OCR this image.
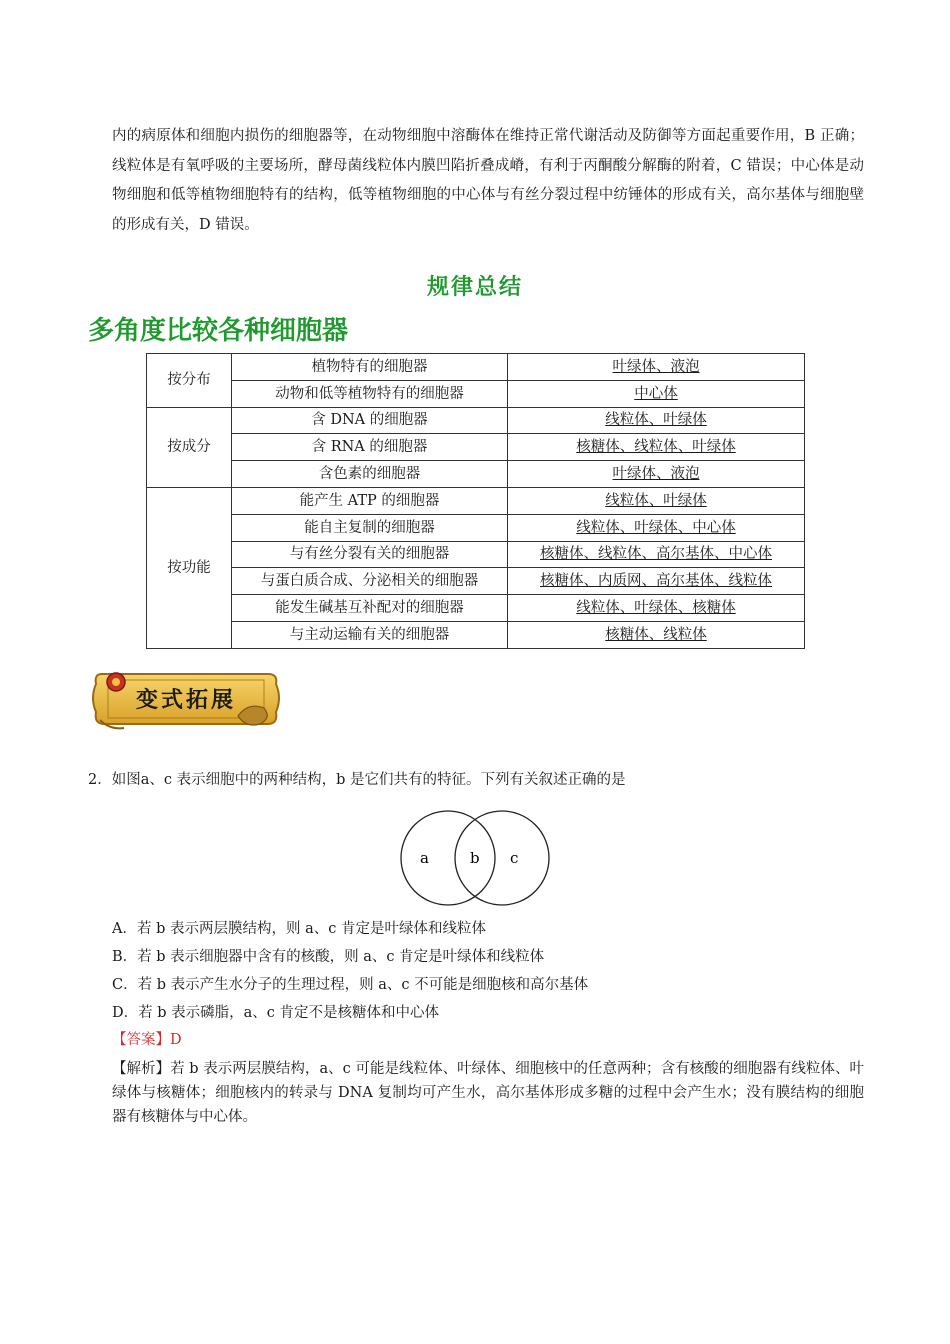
内的病原体和细胞内损伤的细胞器等，在动物细胞中溶酶体在维持正常代谢活动及防御等方面起重要作用，B 正确；线粒体是有氧呼吸的主要场所，酵母菌线粒体内膜凹陷折叠成嵴，有利于丙酮酸分解酶的附着，C 错误；中心体是动物细胞和低等植物细胞特有的结构，低等植物细胞的中心体与有丝分裂过程中纺锤体的形成有关，高尔基体与细胞壁的形成有关，D 错误。
规律总结
多角度比较各种细胞器
按分布	植物特有的细胞器	叶绿体、液泡
	动物和低等植物特有的细胞器	中心体
按成分	含 DNA 的细胞器	线粒体、叶绿体
	含 RNA 的细胞器	核糖体、线粒体、叶绿体
	含色素的细胞器	叶绿体、液泡
按功能	能产生 ATP 的细胞器	线粒体、叶绿体
	能自主复制的细胞器	线粒体、叶绿体、中心体
	与有丝分裂有关的细胞器	核糖体、线粒体、高尔基体、中心体
	与蛋白质合成、分泌相关的细胞器	核糖体、内质网、高尔基体、线粒体
	能发生碱基互补配对的细胞器	线粒体、叶绿体、核糖体
	与主动运输有关的细胞器	核糖体、线粒体
变式拓展
2．如图a、c 表示细胞中的两种结构，b 是它们共有的特征。下列有关叙述正确的是
a	b c
A．若 b 表示两层膜结构，则 a、c 肯定是叶绿体和线粒体
B．若 b 表示细胞器中含有的核酸，则 a、c 肯定是叶绿体和线粒体
C．若 b 表示产生水分子的生理过程，则 a、c 不可能是细胞核和高尔基体
D．若 b 表示磷脂，a、c 肯定不是核糖体和中心体
【答案】D
【解析】若 b 表示两层膜结构，a、c 可能是线粒体、叶绿体、细胞核中的任意两种；含有核酸的细胞器有线粒体、叶绿体与核糖体；细胞核内的转录与 DNA 复制均可产生水，高尔基体形成多糖的过程中会产生水；没有膜结构的细胞器有核糖体与中心体。
